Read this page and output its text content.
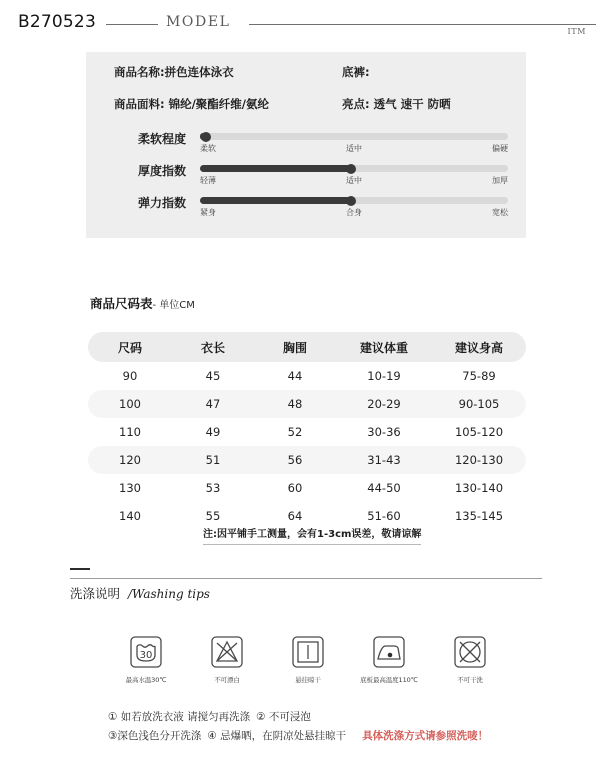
B270523	MODEL
ITM
商品名称:拼色连体泳衣	底裤:
商品面料: 锦纶/聚酯纤维/氨纶	亮点: 透气 速干 防晒
柔软程度
柔软	适中	偏硬
厚度指数
轻薄	适中	加厚
弹力指数
紧身	合身	宽松
商品尺码表- 单位CM
尺码	衣长	胸围	建议体重	建议身高
90	45	44	10-19	75-89
100	47	48	20-29	90-105
110	49	52	30-36	105-120
120	51	56	31-43	120-130
130	53	60	44-50	130-140
140	55	64	51-60	135-145
注:因平铺手工测量，会有1-3cm误差，敬请谅解
洗涤说明 /Washing tips
30
最高水温30℃	不可漂白	悬挂晾干	底板最高温度110℃	不可干洗
① 如若放洗衣液 请搅匀再洗涤 ② 不可浸泡
③深色浅色分开洗涤 ④ 忌爆晒，在阴凉处悬挂晾干 具体洗涤方式请参照洗唛！
